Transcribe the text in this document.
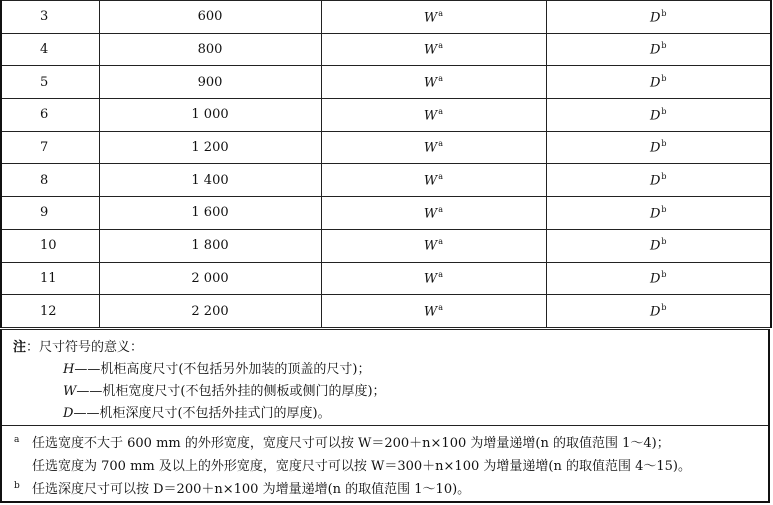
3	600	$W^a$	$D^b$
4	800	$W^a$	$D^b$
5	900	$W^a$	$D^b$
6	1 000	$W^a$	$D^b$
7	1 200	$W^a$	$D^b$
8	1 400	$W^a$	$D^b$
9	1 600	$W^a$	$D^b$
10	1 800	$W^a$	$D^b$
11	2 000	$W^a$	$D^b$
12	2 200	$W^a$	$D^b$
注：尺寸符号的意义：
H——机柜高度尺寸(不包括另外加装的顶盖的尺寸)；
W——机柜宽度尺寸(不包括外挂的侧板或侧门的厚度)；
D——机柜深度尺寸(不包括外挂式门的厚度)。
a 任选宽度不大于 600 mm 的外形宽度，宽度尺寸可以按 W＝200＋n×100 为增量递增(n 的取值范围 1～4)；
任选宽度为 700 mm 及以上的外形宽度，宽度尺寸可以按 W＝300＋n×100 为增量递增(n 的取值范围 4～15)。
b 任选深度尺寸可以按 D＝200＋n×100 为增量递增(n 的取值范围 1～10)。
